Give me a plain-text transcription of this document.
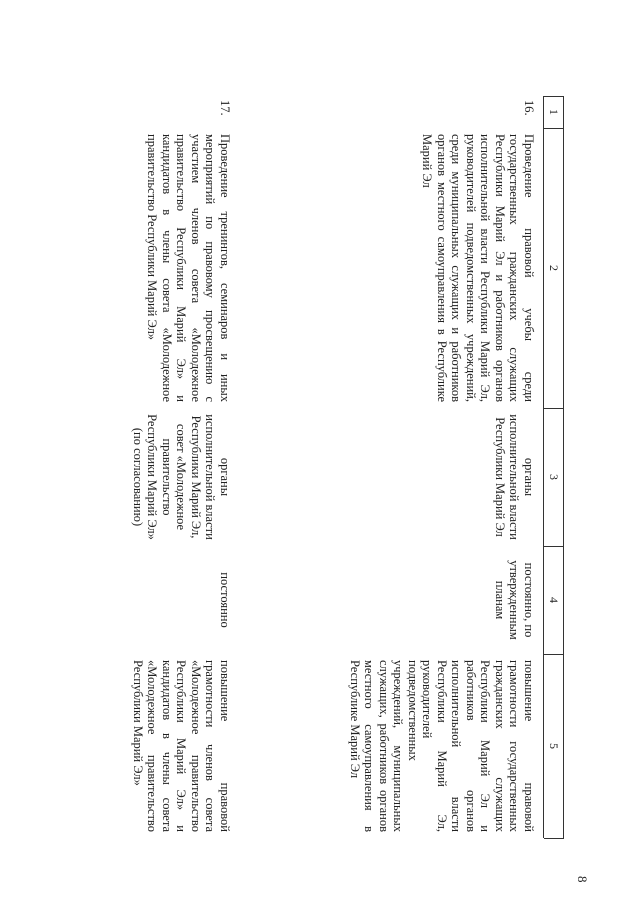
8
1
2
3
4
5
16.
Проведение правовой учебы среди государственных гражданских служащих Республики Марий Эл и работников органов исполнительной власти Республики Марий Эл, руководителей подведомственных учреждений, среди муниципальных служащих и работников органов местного самоуправления в Республике Марий Эл
органы исполнительной власти Республики Марий Эл
постоянно, по утвержденным планам
повышение правовой грамотности государственных гражданских служащих Республики Марий Эл и работников органов исполнительной власти Республики Марий Эл, руководителей подведомственных учреждений, муниципальных служащих, работников органов местного самоуправления в Республике Марий Эл
17.
Проведение тренингов, семинаров и иных мероприятий по правовому просвещению с участием членов совета «Молодежное правительство Республики Марий Эл» и кандидатов в члены совета «Молодежное правительство Республики Марий Эл»
органы исполнительной власти Республики Марий Эл, совет «Молодежное правительство Республики Марий Эл» (по согласованию)
постоянно
повышение правовой грамотности членов совета «Молодежное правительство Республики Марий Эл» и кандидатов в члены совета «Молодежное правительство Республики Марий Эл»
